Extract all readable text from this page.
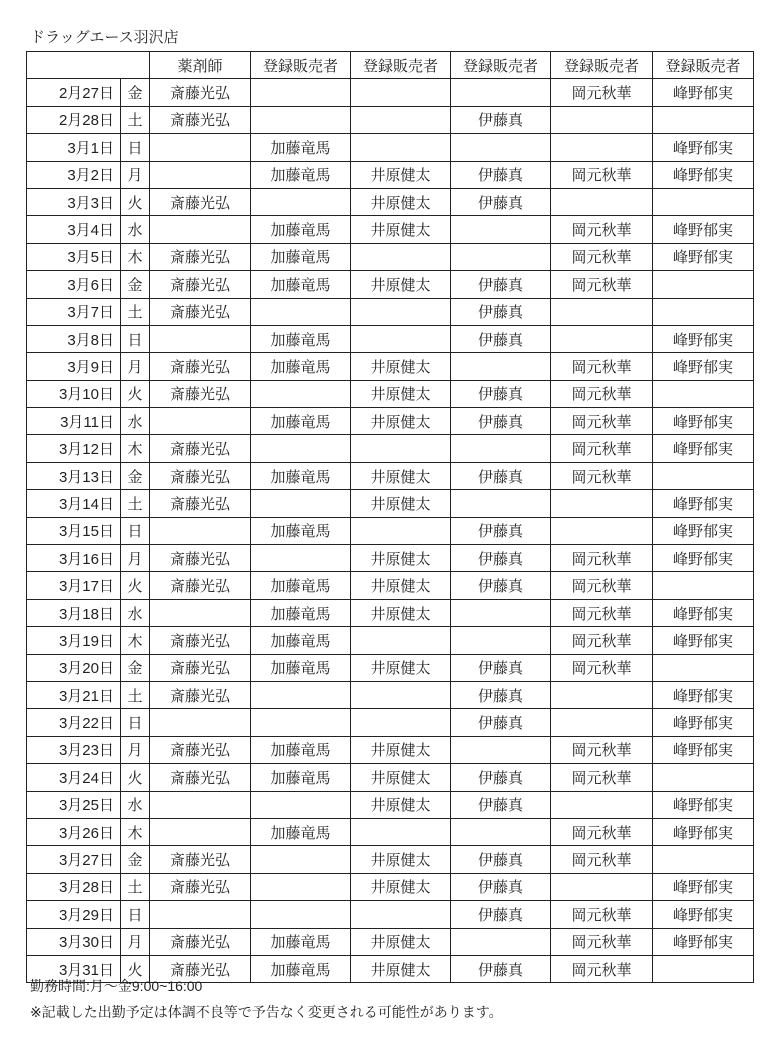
ドラッグエース羽沢店
		薬剤師	登録販売者	登録販売者	登録販売者	登録販売者	登録販売者
2月27日	金	斎藤光弘				岡元秋華	峰野郁実
2月28日	土	斎藤光弘			伊藤真		
3月1日	日		加藤竜馬				峰野郁実
3月2日	月		加藤竜馬	井原健太	伊藤真	岡元秋華	峰野郁実
3月3日	火	斎藤光弘		井原健太	伊藤真		
3月4日	水		加藤竜馬	井原健太		岡元秋華	峰野郁実
3月5日	木	斎藤光弘	加藤竜馬			岡元秋華	峰野郁実
3月6日	金	斎藤光弘	加藤竜馬	井原健太	伊藤真	岡元秋華	
3月7日	土	斎藤光弘			伊藤真		
3月8日	日		加藤竜馬		伊藤真		峰野郁実
3月9日	月	斎藤光弘	加藤竜馬	井原健太		岡元秋華	峰野郁実
3月10日	火	斎藤光弘		井原健太	伊藤真	岡元秋華	
3月11日	水		加藤竜馬	井原健太	伊藤真	岡元秋華	峰野郁実
3月12日	木	斎藤光弘				岡元秋華	峰野郁実
3月13日	金	斎藤光弘	加藤竜馬	井原健太	伊藤真	岡元秋華	
3月14日	土	斎藤光弘		井原健太			峰野郁実
3月15日	日		加藤竜馬		伊藤真		峰野郁実
3月16日	月	斎藤光弘		井原健太	伊藤真	岡元秋華	峰野郁実
3月17日	火	斎藤光弘	加藤竜馬	井原健太	伊藤真	岡元秋華	
3月18日	水		加藤竜馬	井原健太		岡元秋華	峰野郁実
3月19日	木	斎藤光弘	加藤竜馬			岡元秋華	峰野郁実
3月20日	金	斎藤光弘	加藤竜馬	井原健太	伊藤真	岡元秋華	
3月21日	土	斎藤光弘			伊藤真		峰野郁実
3月22日	日				伊藤真		峰野郁実
3月23日	月	斎藤光弘	加藤竜馬	井原健太		岡元秋華	峰野郁実
3月24日	火	斎藤光弘	加藤竜馬	井原健太	伊藤真	岡元秋華	
3月25日	水			井原健太	伊藤真		峰野郁実
3月26日	木		加藤竜馬			岡元秋華	峰野郁実
3月27日	金	斎藤光弘		井原健太	伊藤真	岡元秋華	
3月28日	土	斎藤光弘		井原健太	伊藤真		峰野郁実
3月29日	日				伊藤真	岡元秋華	峰野郁実
3月30日	月	斎藤光弘	加藤竜馬	井原健太		岡元秋華	峰野郁実
3月31日	火	斎藤光弘	加藤竜馬	井原健太	伊藤真	岡元秋華	
勤務時間:月～金9:00~16:00
※記載した出勤予定は体調不良等で予告なく変更される可能性があります。
